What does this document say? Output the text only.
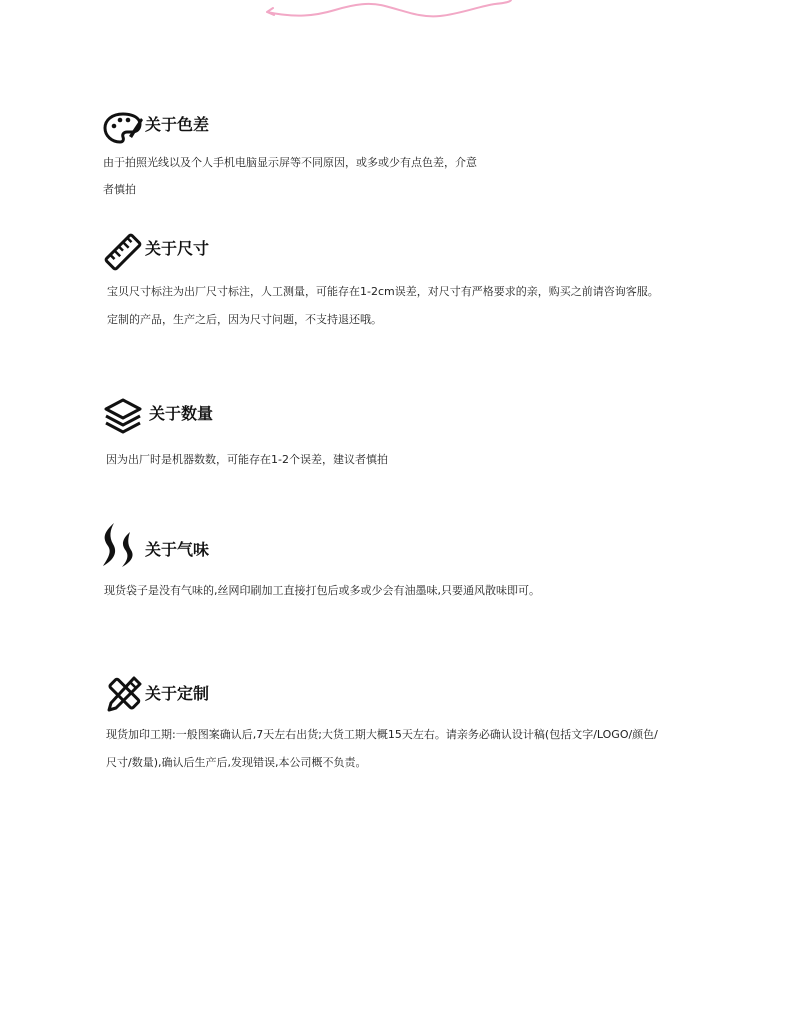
关于色差
由于拍照光线以及个人手机电脑显示屏等不同原因，或多或少有点色差，介意
者慎拍
关于尺寸
宝贝尺寸标注为出厂尺寸标注，人工测量，可能存在1-2cm误差，对尺寸有严格要求的亲，购买之前请咨询客服。
定制的产品，生产之后，因为尺寸问题，不支持退还哦。
关于数量
因为出厂时是机器数数，可能存在1-2个误差，建议者慎拍
关于气味
现货袋子是没有气味的,丝网印刷加工直接打包后或多或少会有油墨味,只要通风散味即可。
关于定制
现货加印工期:一般图案确认后,7天左右出货;大货工期大概15天左右。请亲务必确认设计稿(包括文字/LOGO/颜色/
尺寸/数量),确认后生产后,发现错误,本公司概不负责。
